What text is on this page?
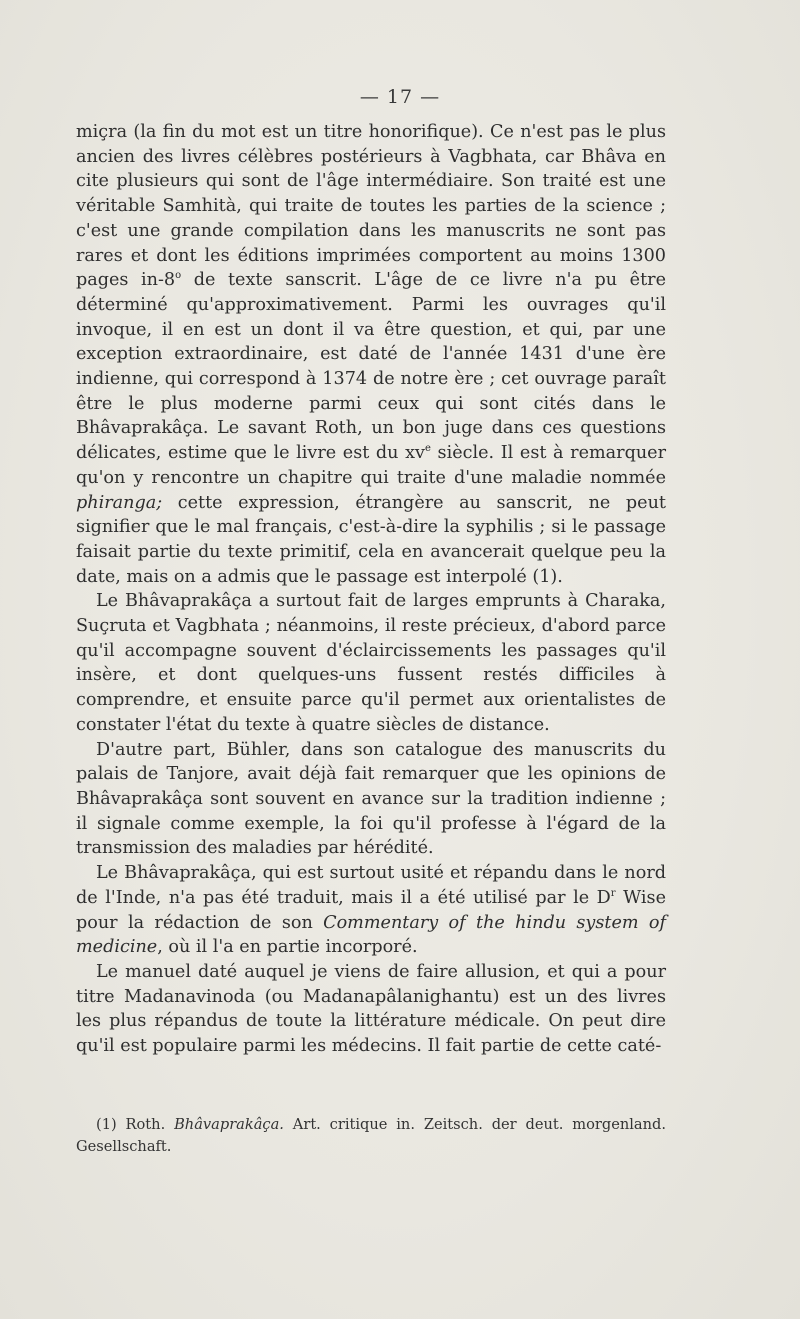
— 17 —

miçra (la fin du mot est un titre honorifique). Ce n'est pas le plus ancien des livres célèbres postérieurs à Vagbhata, car Bhâva en cite plusieurs qui sont de l'âge intermédiaire. Son traité est une véritable Samhità, qui traite de toutes les parties de la science ; c'est une grande compilation dans les manuscrits ne sont pas rares et dont les éditions imprimées comportent au moins 1300 pages in-8$^o$ de texte sanscrit. L'âge de ce livre n'a pu être déterminé qu'approximativement. Parmi les ouvrages qu'il invoque, il en est un dont il va être question, et qui, par une exception extraordinaire, est daté de l'année 1431 d'une ère indienne, qui correspond à 1374 de notre ère ; cet ouvrage paraît être le plus moderne parmi ceux qui sont cités dans le Bhâvaprakâça. Le savant Roth, un bon juge dans ces questions délicates, estime que le livre est du $xv^e$ siècle. Il est à remarquer qu'on y rencontre un chapitre qui traite d'une maladie nommée phiranga; cette expression, étrangère au sanscrit, ne peut signifier que le mal français, c'est-à-dire la syphilis ; si le passage faisait partie du texte primitif, cela en avancerait quelque peu la date, mais on a admis que le passage est interpolé (1).

Le Bhâvaprakâça a surtout fait de larges emprunts à Charaka, Suçruta et Vagbhata ; néanmoins, il reste précieux, d'abord parce qu'il accompagne souvent d'éclaircissements les passages qu'il insère, et dont quelques-uns fussent restés difficiles à comprendre, et ensuite parce qu'il permet aux orientalistes de constater l'état du texte à quatre siècles de distance.

D'autre part, Bühler, dans son catalogue des manuscrits du palais de Tanjore, avait déjà fait remarquer que les opinions de Bhâvaprakâça sont souvent en avance sur la tradition indienne ; il signale comme exemple, la foi qu'il professe à l'égard de la transmission des maladies par hérédité.

Le Bhâvaprakâça, qui est surtout usité et répandu dans le nord de l'Inde, n'a pas été traduit, mais il a été utilisé par le $D^r$ Wise pour la rédaction de son Commentary of the hindu system of medicine, où il l'a en partie incorporé.

Le manuel daté auquel je viens de faire allusion, et qui a pour titre Madanavinoda (ou Madanapâlanighantu) est un des livres les plus répandus de toute la littérature médicale. On peut dire qu'il est populaire parmi les médecins. Il fait partie de cette caté-

(1) Roth. Bhâvaprakâça. Art. critique in. Zeitsch. der deut. morgenland. Gesellschaft.
